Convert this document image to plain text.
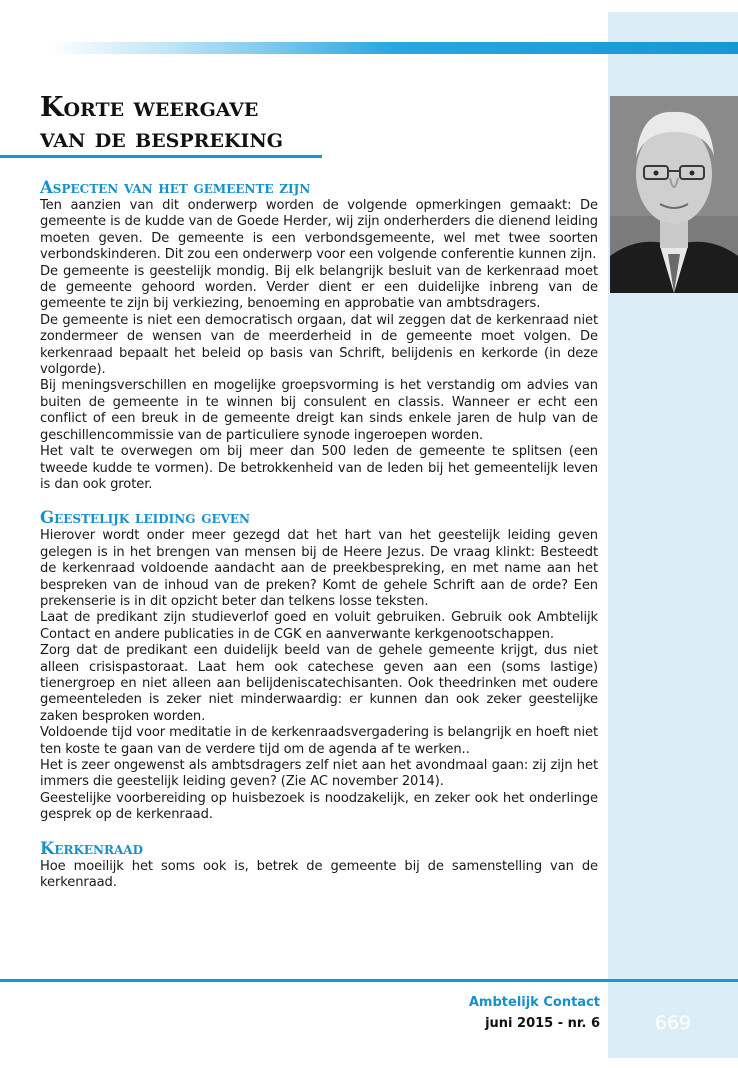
Korte weergave
van de bespreking
Aspecten van het gemeente zijn

Ten aanzien van dit onderwerp worden de volgende opmerkingen gemaakt: De gemeente is de kudde van de Goede Herder, wij zijn onderherders die dienend leiding moeten geven. De gemeente is een verbondsgemeente, wel met twee soorten verbondskinderen. Dit zou een onderwerp voor een volgende conferentie kunnen zijn.

De gemeente is geestelijk mondig. Bij elk belangrijk besluit van de kerkenraad moet de gemeente gehoord worden. Verder dient er een duidelijke inbreng van de gemeente te zijn bij verkiezing, benoeming en approbatie van ambtsdragers.

De gemeente is niet een democratisch orgaan, dat wil zeggen dat de kerkenraad niet zondermeer de wensen van de meerderheid in de gemeente moet volgen. De kerkenraad bepaalt het beleid op basis van Schrift, belijdenis en kerkorde (in deze volgorde).

Bij meningsverschillen en mogelijke groepsvorming is het verstandig om advies van buiten de gemeente in te winnen bij consulent en classis. Wanneer er echt een conflict of een breuk in de gemeente dreigt kan sinds enkele jaren de hulp van de geschillencommissie van de particuliere synode ingeroepen worden.

Het valt te overwegen om bij meer dan 500 leden de gemeente te splitsen (een tweede kudde te vormen). De betrokkenheid van de leden bij het gemeentelijk leven is dan ook groter.

Geestelijk leiding geven

Hierover wordt onder meer gezegd dat het hart van het geestelijk leiding geven gelegen is in het brengen van mensen bij de Heere Jezus. De vraag klinkt: Besteedt de kerkenraad voldoende aandacht aan de preekbespreking, en met name aan het bespreken van de inhoud van de preken? Komt de gehele Schrift aan de orde? Een prekenserie is in dit opzicht beter dan telkens losse teksten.

Laat de predikant zijn studieverlof goed en voluit gebruiken. Gebruik ook Ambtelijk Contact en andere publicaties in de CGK en aanverwante kerkgenootschappen.

Zorg dat de predikant een duidelijk beeld van de gehele gemeente krijgt, dus niet alleen crisispastoraat. Laat hem ook catechese geven aan een (soms lastige) tienergroep en niet alleen aan belijdeniscatechisanten. Ook theedrinken met oudere gemeenteleden is zeker niet minderwaardig: er kunnen dan ook zeker geestelijke zaken besproken worden.

Voldoende tijd voor meditatie in de kerkenraadsvergadering is belangrijk en hoeft niet ten koste te gaan van de verdere tijd om de agenda af te werken..

Het is zeer ongewenst als ambtsdragers zelf niet aan het avondmaal gaan: zij zijn het immers die geestelijk leiding geven? (Zie AC november 2014).

Geestelijke voorbereiding op huisbezoek is noodzakelijk, en zeker ook het onderlinge gesprek op de kerkenraad.

Kerkenraad

Hoe moeilijk het soms ook is, betrek de gemeente bij de samenstelling van de kerkenraad.

Ambtelijk Contact
juni 2015 - nr. 6	669
